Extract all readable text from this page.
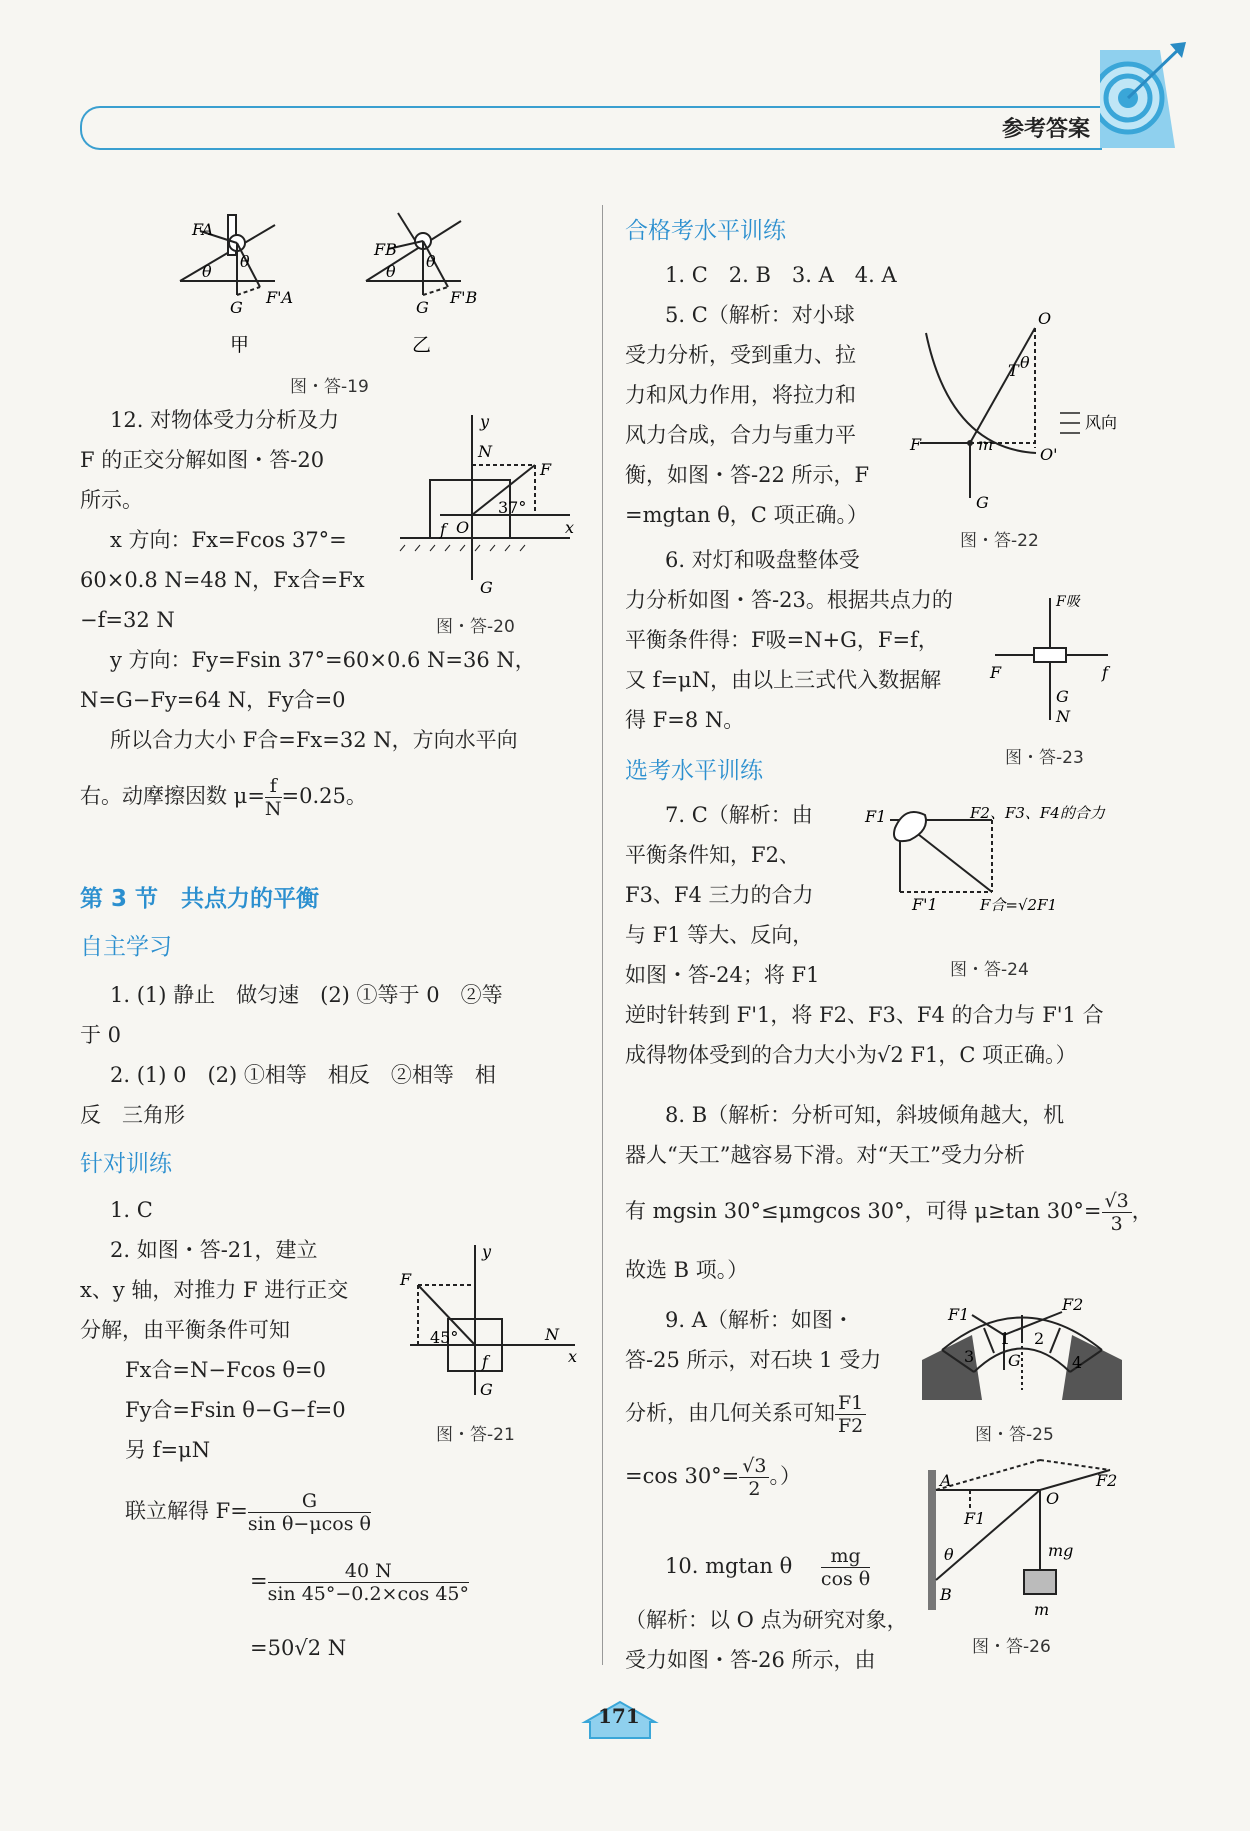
参考答案
FA
θ
θ
G
F'A
FB
θ
θ
G
F'B
甲	乙
图・答-19
12. 对物体受力分析及力
F 的正交分解如图・答-20
所示。
x 方向：Fx=Fcos 37°=
60×0.8 N=48 N，Fx合=Fx
−f=32 N
y 方向：Fy=Fsin 37°=60×0.6 N=36 N，
N=G−Fy=64 N，Fy合=0
所以合力大小 F合=Fx=32 N，方向水平向
右。动摩擦因数 $\mu= \frac{f}{N} =0.25$。
y
N
F
37°
f O	x
G
图・答-20
第 3 节　共点力的平衡
自主学习
1. (1) 静止　做匀速　(2) ①等于 0　②等
于 0
2. (1) 0　(2) ①相等　相反　②相等　相
反　三角形
针对训练
1. C
2. 如图・答-21，建立
x、y 轴，对推力 F 进行正交
分解，由平衡条件可知
Fx合=N−Fcos θ=0
Fy合=Fsin θ−G−f=0
另 f=μN
联立解得 $F= \frac{G}{\text{sin θ−μcos θ}}$
= $\frac{40 N}{\sin 45^\circ-0.2\times\cos 45^\circ}$
=50√2 N
y
F
45°	N
x
f
G
图・答-21
合格考水平训练
1. C　2. B　3. A　4. A
5. C（解析：对小球
受力分析，受到重力、拉
力和风力作用，将拉力和
风力合成，合力与重力平
衡，如图・答-22 所示，F
=mgtan θ，C 项正确。）
O
θ
T
风向
F	m
O'
G
图・答-22
6. 对灯和吸盘整体受
力分析如图・答-23。根据共点力的
平衡条件得：F吸=N+G，F=f，
又 f=μN，由以上三式代入数据解
得 F=8 N。
F吸
F	f
G
N
图・答-23
选考水平训练
7. C（解析：由
平衡条件知，F2、
F3、F4 三力的合力
与 F1 等大、反向，
如图・答-24；将 F1
逆时针转到 F'1，将 F2、F3、F4 的合力与 F'1 合
成得物体受到的合力大小为√2 F1，C 项正确。）
F1	F2、F3、F4的合力
F'1	F合=√2F1
图・答-24
8. B（解析：分析可知，斜坡倾角越大，机
器人“天工”越容易下滑。对“天工”受力分析
有 mgsin 30°≤μmgcos 30°，可得 μ≥tan $30^\circ= \frac{√3}{3}$ ，
故选 B 项。）
9. A（解析：如图・
答-25 所示，对石块 1 受力
分析，由几何关系可知 $\frac{F1}{F2}$
=cos $30^\circ= \frac{√3}{2}$ 。）
F1
F2
1 2
3	4
G
图・答-25
10. mgtan θ $\frac{mg}{\text{cos θ}}$
（解析：以 O 点为研究对象，
受力如图・答-26 所示，由
A	F2
F1
O
θ
B
mg
m
图・答-26
171
